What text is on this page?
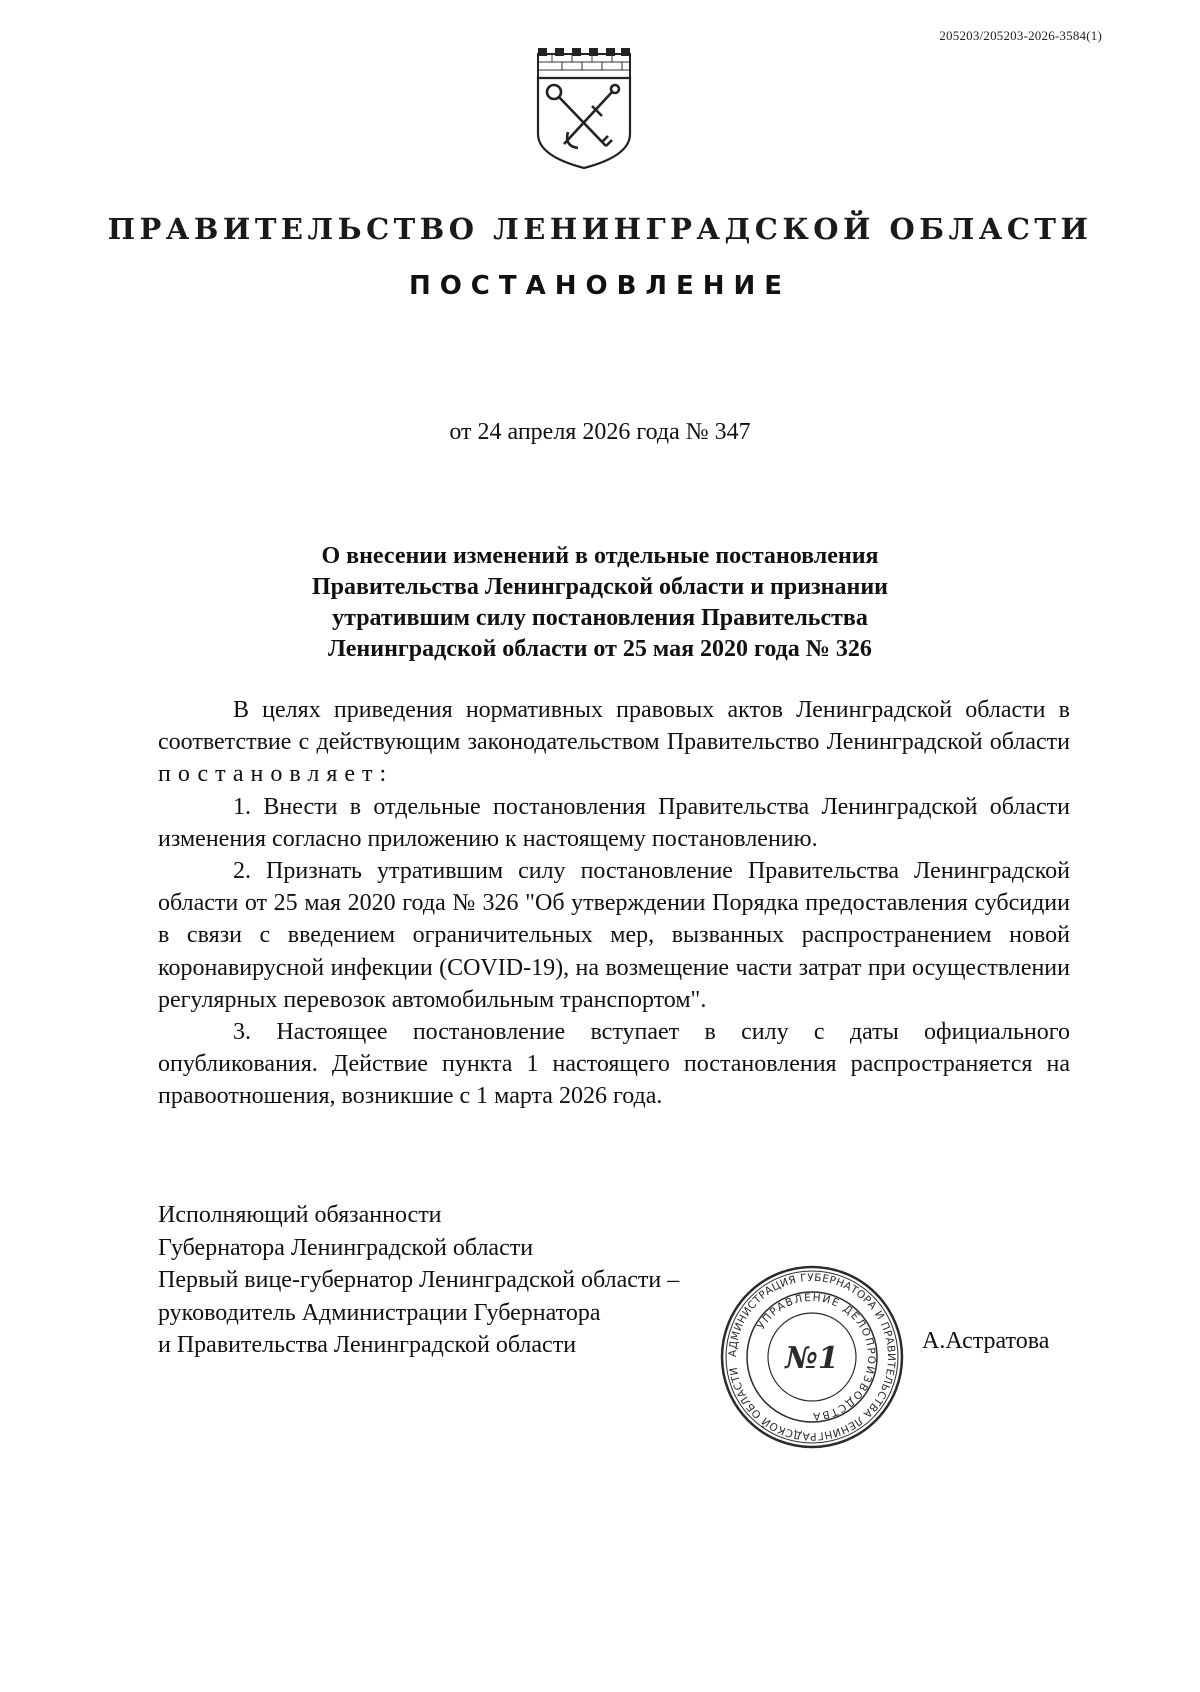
205203/205203-2026-3584(1)
ПРАВИТЕЛЬСТВО ЛЕНИНГРАДСКОЙ ОБЛАСТИ
ПОСТАНОВЛЕНИЕ
от 24 апреля 2026 года № 347
О внесении изменений в отдельные постановления
Правительства Ленинградской области и признании
утратившим силу постановления Правительства
Ленинградской области от 25 мая 2020 года № 326

В целях приведения нормативных правовых актов Ленинградской области в соответствие с действующим законодательством Правительство Ленинградской области постановляет:

1. Внести в отдельные постановления Правительства Ленинградской области изменения согласно приложению к настоящему постановлению.

2. Признать утратившим силу постановление Правительства Ленинградской области от 25 мая 2020 года № 326 "Об утверждении Порядка предоставления субсидии в связи с введением ограничительных мер, вызванных распространением новой коронавирусной инфекции (COVID-19), на возмещение части затрат при осуществлении регулярных перевозок автомобильным транспортом".

3. Настоящее постановление вступает в силу с даты официального опубликования. Действие пункта 1 настоящего постановления распространяется на правоотношения, возникшие с 1 марта 2026 года.

Исполняющий обязанности
Губернатора Ленинградской области
Первый вице-губернатор Ленинградской области –
руководитель Администрации Губернатора
и Правительства Ленинградской области	АДМИНИСТРАЦИЯ ГУБЕРНАТОРА И ПРАВИТЕЛЬСТВА ЛЕНИНГРАДСКОЙ ОБЛАСТИ
УПРАВЛЕНИЕ ДЕЛОПРОИЗВОДСТВА
№1	А.Астратова
